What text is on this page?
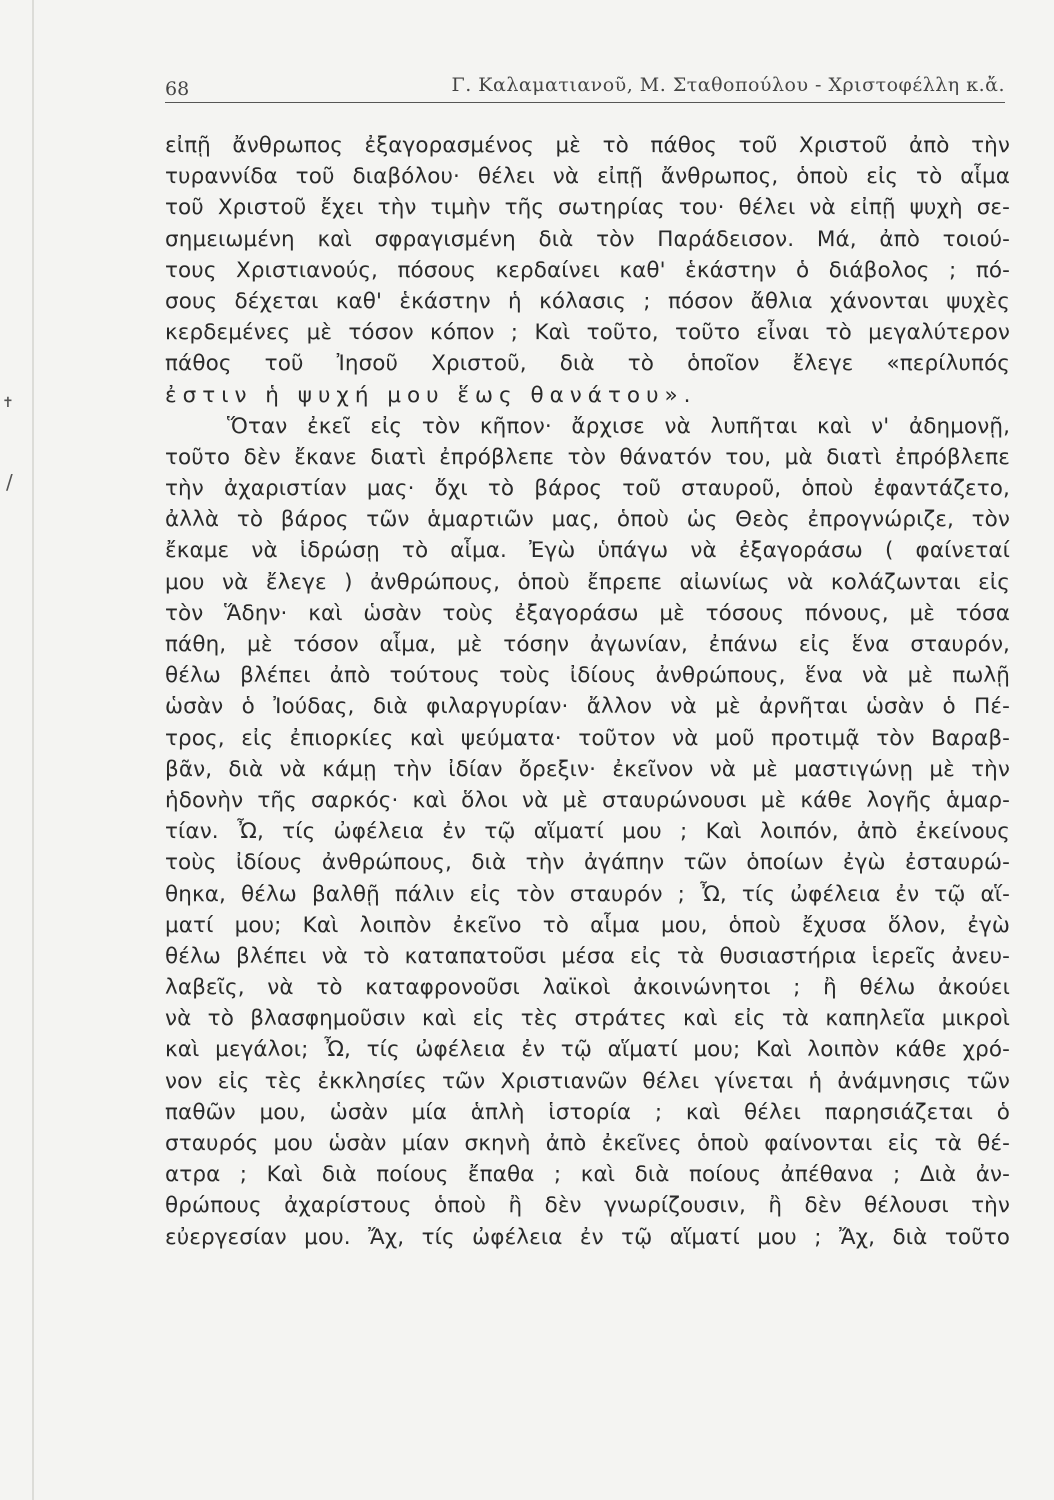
68	Γ. Καλαματιανοῦ, Μ. Σταθοπούλου - Χριστοφέλλη κ.ἄ.
✝
/
εἰπῇ ἄνθρωπος ἐξαγορασμένος μὲ τὸ πάθος τοῦ Χριστοῦ ἀπὸ τὴν
τυραννίδα τοῦ διαβόλου· θέλει νὰ εἰπῇ ἄνθρωπος, ὁποὺ εἰς τὸ αἷμα
τοῦ Χριστοῦ ἔχει τὴν τιμὴν τῆς σωτηρίας του· θέλει νὰ εἰπῇ ψυχὴ σε-
σημειωμένη καὶ σφραγισμένη διὰ τὸν Παράδεισον. Μά, ἀπὸ τοιού-
τους Χριστιανούς, πόσους κερδαίνει καθ' ἑκάστην ὁ διάβολος ; πό-
σους δέχεται καθ' ἑκάστην ἡ κόλασις ; πόσον ἄθλια χάνονται ψυχὲς
κερδεμένες μὲ τόσον κόπον ; Καὶ τοῦτο, τοῦτο εἶναι τὸ μεγαλύτερον
πάθος τοῦ Ἰησοῦ Χριστοῦ, διὰ τὸ ὁποῖον ἔλεγε «περίλυπός
ἐστιν ἡ ψυχή μου ἕως θανάτου».
Ὅταν ἐκεῖ εἰς τὸν κῆπον· ἄρχισε νὰ λυπῆται καὶ ν' ἀδημονῇ,
τοῦτο δὲν ἔκανε διατὶ ἐπρόβλεπε τὸν θάνατόν του, μὰ διατὶ ἐπρόβλεπε
τὴν ἀχαριστίαν μας· ὄχι τὸ βάρος τοῦ σταυροῦ, ὁποὺ ἐφαντάζετο,
ἀλλὰ τὸ βάρος τῶν ἁμαρτιῶν μας, ὁποὺ ὡς Θεὸς ἐπρογνώριζε, τὸν
ἔκαμε νὰ ἱδρώσῃ τὸ αἷμα. Ἐγὼ ὑπάγω νὰ ἐξαγοράσω ( φαίνεταί
μου νὰ ἔλεγε ) ἀνθρώπους, ὁποὺ ἔπρεπε αἰωνίως νὰ κολάζωνται εἰς
τὸν Ἅδην· καὶ ὡσὰν τοὺς ἐξαγοράσω μὲ τόσους πόνους, μὲ τόσα
πάθη, μὲ τόσον αἷμα, μὲ τόσην ἀγωνίαν, ἐπάνω εἰς ἕνα σταυρόν,
θέλω βλέπει ἀπὸ τούτους τοὺς ἰδίους ἀνθρώπους, ἕνα νὰ μὲ πωλῇ
ὡσὰν ὁ Ἰούδας, διὰ φιλαργυρίαν· ἄλλον νὰ μὲ ἀρνῆται ὡσὰν ὁ Πέ-
τρος, εἰς ἐπιορκίες καὶ ψεύματα· τοῦτον νὰ μοῦ προτιμᾷ τὸν Βαραβ-
βᾶν, διὰ νὰ κάμῃ τὴν ἰδίαν ὄρεξιν· ἐκεῖνον νὰ μὲ μαστιγώνῃ μὲ τὴν
ἡδονὴν τῆς σαρκός· καὶ ὅλοι νὰ μὲ σταυρώνουσι μὲ κάθε λογῆς ἁμαρ-
τίαν. Ὦ, τίς ὠφέλεια ἐν τῷ αἵματί μου ; Καὶ λοιπόν, ἀπὸ ἐκείνους
τοὺς ἰδίους ἀνθρώπους, διὰ τὴν ἀγάπην τῶν ὁποίων ἐγὼ ἐσταυρώ-
θηκα, θέλω βαλθῇ πάλιν εἰς τὸν σταυρόν ; Ὦ, τίς ὠφέλεια ἐν τῷ αἵ-
ματί μου; Καὶ λοιπὸν ἐκεῖνο τὸ αἷμα μου, ὁποὺ ἔχυσα ὅλον, ἐγὼ
θέλω βλέπει νὰ τὸ καταπατοῦσι μέσα εἰς τὰ θυσιαστήρια ἱερεῖς ἀνευ-
λαβεῖς, νὰ τὸ καταφρονοῦσι λαϊκοὶ ἀκοινώνητοι ; ἢ θέλω ἀκούει
νὰ τὸ βλασφημοῦσιν καὶ εἰς τὲς στράτες καὶ εἰς τὰ καπηλεῖα μικροὶ
καὶ μεγάλοι; Ὦ, τίς ὠφέλεια ἐν τῷ αἵματί μου; Καὶ λοιπὸν κάθε χρό-
νον εἰς τὲς ἐκκλησίες τῶν Χριστιανῶν θέλει γίνεται ἡ ἀνάμνησις τῶν
παθῶν μου, ὡσὰν μία ἁπλὴ ἱστορία ; καὶ θέλει παρησιάζεται ὁ
σταυρός μου ὡσὰν μίαν σκηνὴ ἀπὸ ἐκεῖνες ὁποὺ φαίνονται εἰς τὰ θέ-
ατρα ; Καὶ διὰ ποίους ἔπαθα ; καὶ διὰ ποίους ἀπέθανα ; Διὰ ἀν-
θρώπους ἀχαρίστους ὁποὺ ἢ δὲν γνωρίζουσιν, ἢ δὲν θέλουσι τὴν
εὐεργεσίαν μου. Ἄχ, τίς ὠφέλεια ἐν τῷ αἵματί μου ; Ἄχ, διὰ τοῦτο
